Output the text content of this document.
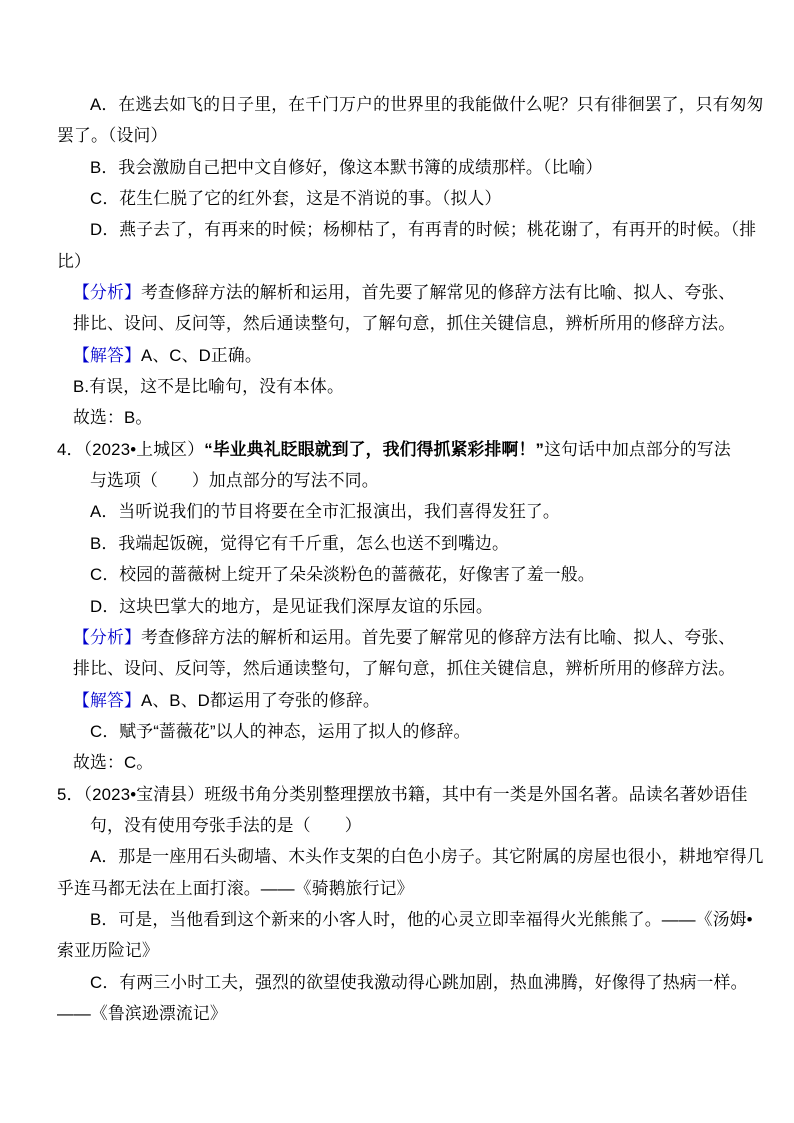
A．在逃去如飞的日子里，在千门万户的世界里的我能做什么呢？只有徘徊罢了，只有匆匆
罢了。（设问）
B．我会激励自己把中文自修好，像这本默书簿的成绩那样。（比喻）
C．花生仁脱了它的红外套，这是不消说的事。（拟人）
D．燕子去了，有再来的时候；杨柳枯了，有再青的时候；桃花谢了，有再开的时候。（排
比）
【分析】考查修辞方法的解析和运用，首先要了解常见的修辞方法有比喻、拟人、夸张、
排比、设问、反问等，然后通读整句，了解句意，抓住关键信息，辨析所用的修辞方法。
【解答】A、C、D正确。
B.有误，这不是比喻句，没有本体。
故选：B。
4．（2023•上城区）“毕业典礼眨眼就到了，我们得抓紧彩排啊！”这句话中加点部分的写法
与选项（　　）加点部分的写法不同。
A．当听说我们的节目将要在全市汇报演出，我们喜得发狂了。
B．我端起饭碗，觉得它有千斤重，怎么也送不到嘴边。
C．校园的蔷薇树上绽开了朵朵淡粉色的蔷薇花，好像害了羞一般。
D．这块巴掌大的地方，是见证我们深厚友谊的乐园。
【分析】考查修辞方法的解析和运用。首先要了解常见的修辞方法有比喻、拟人、夸张、
排比、设问、反问等，然后通读整句，了解句意，抓住关键信息，辨析所用的修辞方法。
【解答】A、B、D都运用了夸张的修辞。
C．赋予“蔷薇花”以人的神态，运用了拟人的修辞。
故选：C。
5．（2023•宝清县）班级书角分类别整理摆放书籍，其中有一类是外国名著。品读名著妙语佳
句，没有使用夸张手法的是（　　）
A．那是一座用石头砌墙、木头作支架的白色小房子。其它附属的房屋也很小，耕地窄得几
乎连马都无法在上面打滚。——《骑鹅旅行记》
B．可是，当他看到这个新来的小客人时，他的心灵立即幸福得火光熊熊了。——《汤姆•
索亚历险记》
C．有两三小时工夫，强烈的欲望使我激动得心跳加剧，热血沸腾，好像得了热病一样。
——《鲁滨逊漂流记》
